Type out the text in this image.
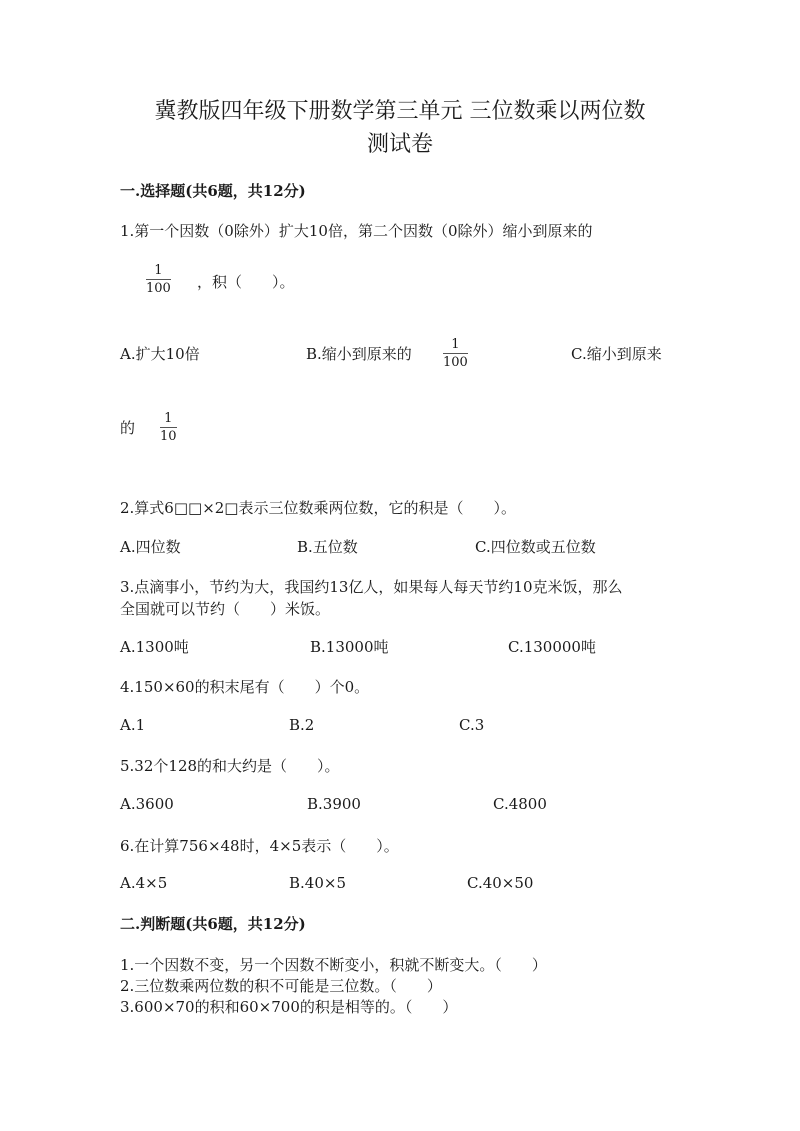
冀教版四年级下册数学第三单元 三位数乘以两位数
测试卷
一.选择题(共6题，共12分)
1.第一个因数（0除外）扩大10倍，第二个因数（0除外）缩小到原来的
1
100 ，积（　　）。
A.扩大10倍	B.缩小到原来的
1
100	C.缩小到原来
的
1
10
2.算式6□□×2□表示三位数乘两位数，它的积是（　　）。
A.四位数	B.五位数	C.四位数或五位数
3.点滴事小，节约为大，我国约13亿人，如果每人每天节约10克米饭，那么
全国就可以节约（　　）米饭。
A.1300吨	B.13000吨	C.130000吨
4.150×60的积末尾有（　　）个0。
A.1	B.2	C.3
5.32个128的和大约是（　　）。
A.3600	B.3900	C.4800
6.在计算756×48时，4×5表示（　　）。
A.4×5	B.40×5	C.40×50
二.判断题(共6题，共12分)
1.一个因数不变，另一个因数不断变小，积就不断变大。（　　）
2.三位数乘两位数的积不可能是三位数。（　　）
3.600×70的积和60×700的积是相等的。（　　）
